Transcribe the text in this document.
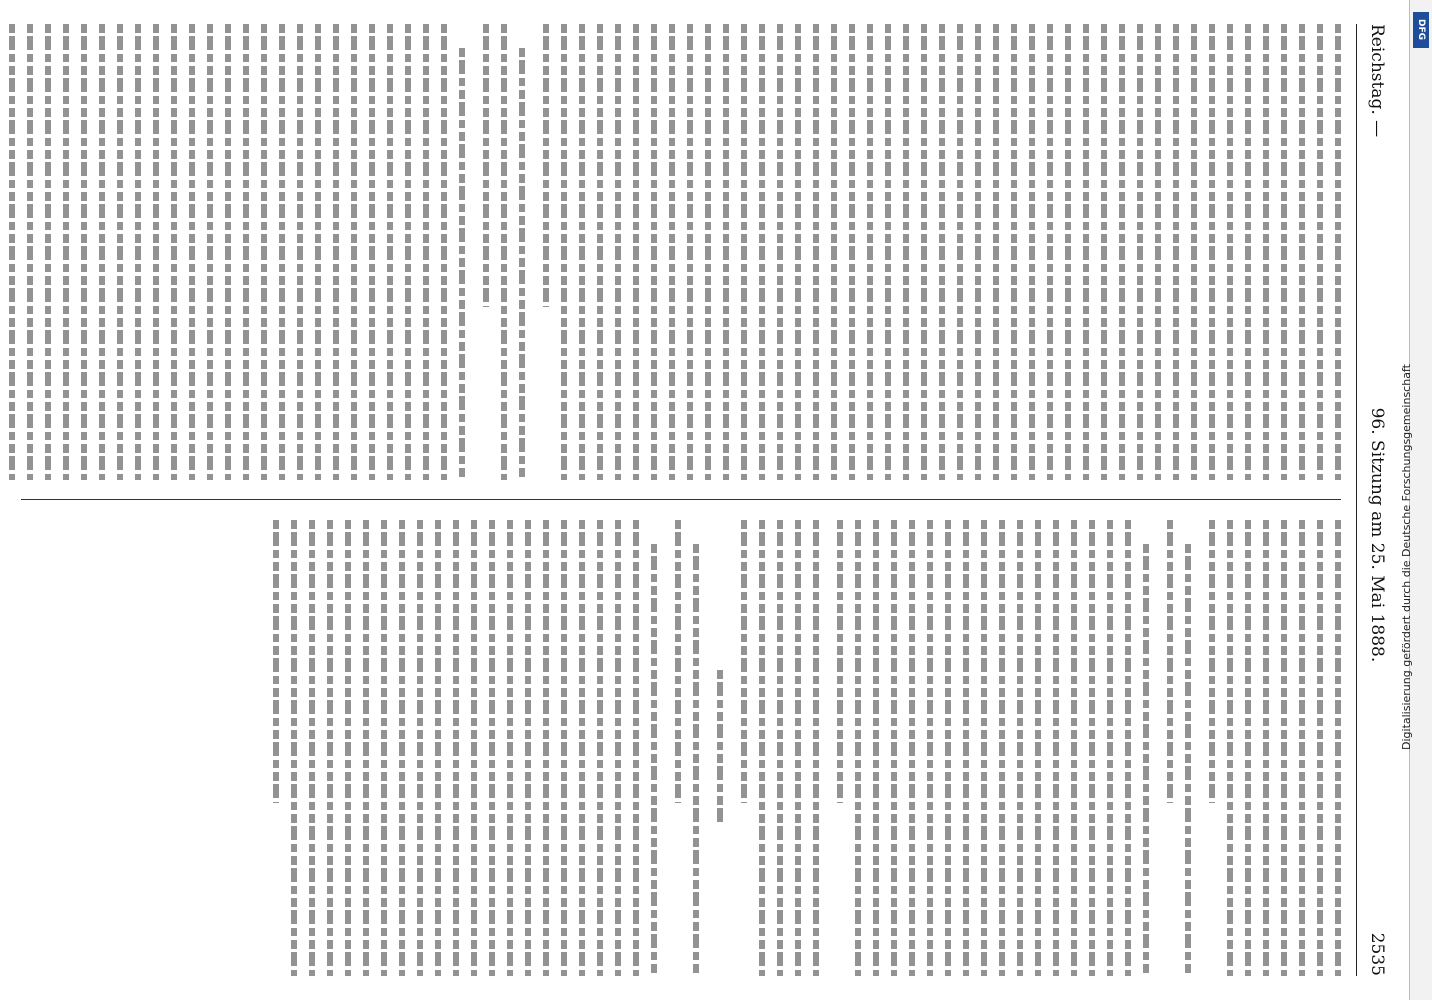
Reichstag. —
96. Sitzung am 25. Mai 1888.
2535
DFG
Digitalisierung gefördert durch die Deutsche Forschungsgemeinschaft
